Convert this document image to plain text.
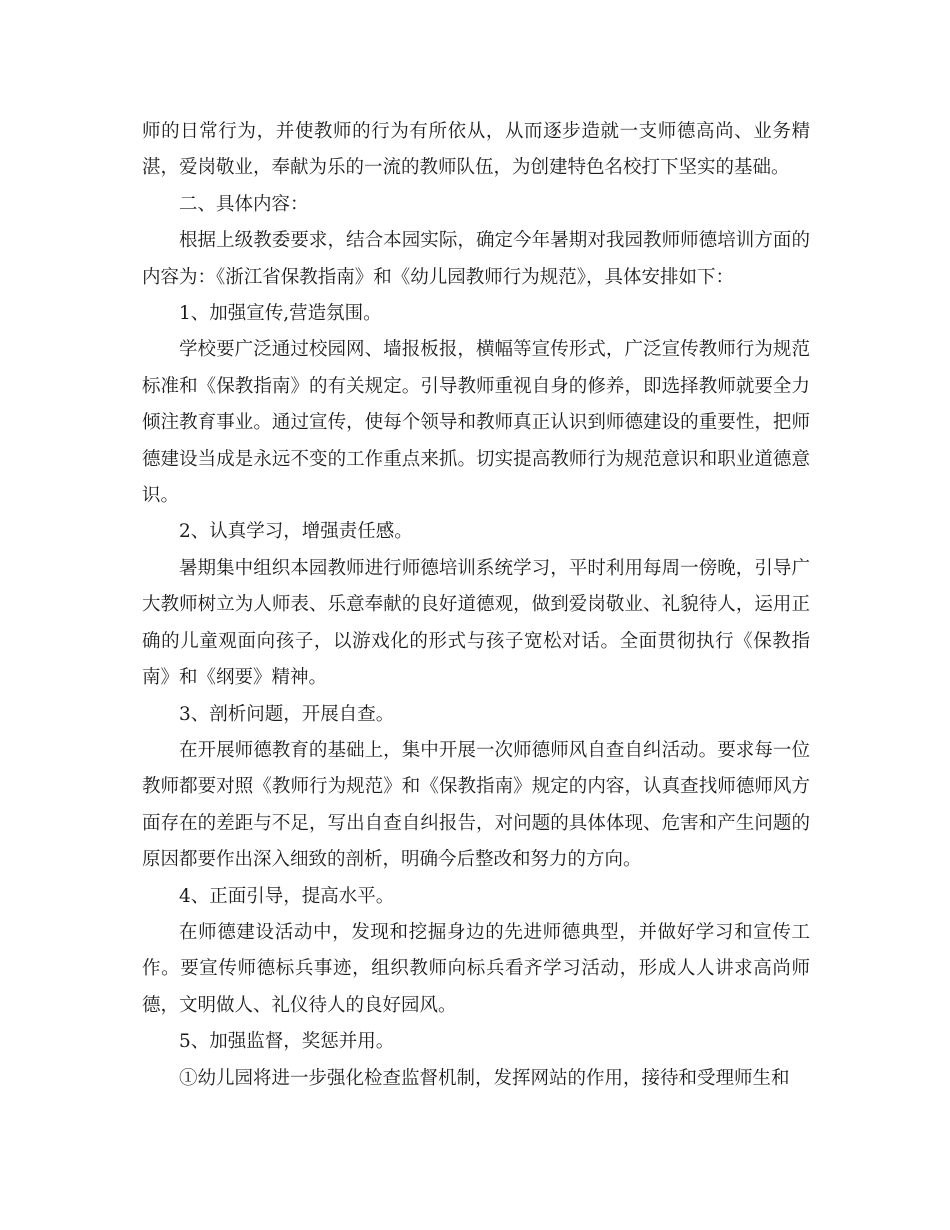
师的日常行为，并使教师的行为有所依从，从而逐步造就一支师德高尚、业务精湛，爱岗敬业，奉献为乐的一流的教师队伍，为创建特色名校打下坚实的基础。

二、具体内容：

根据上级教委要求，结合本园实际，确定今年暑期对我园教师师德培训方面的内容为：《浙江省保教指南》和《幼儿园教师行为规范》，具体安排如下：

1、加强宣传,营造氛围。

学校要广泛通过校园网、墙报板报，横幅等宣传形式，广泛宣传教师行为规范标准和《保教指南》的有关规定。引导教师重视自身的修养，即选择教师就要全力倾注教育事业。通过宣传，使每个领导和教师真正认识到师德建设的重要性，把师德建设当成是永远不变的工作重点来抓。切实提高教师行为规范意识和职业道德意识。

2、认真学习，增强责任感。

暑期集中组织本园教师进行师德培训系统学习，平时利用每周一傍晚，引导广大教师树立为人师表、乐意奉献的良好道德观，做到爱岗敬业、礼貌待人，运用正确的儿童观面向孩子，以游戏化的形式与孩子宽松对话。全面贯彻执行《保教指南》和《纲要》精神。

3、剖析问题，开展自查。

在开展师德教育的基础上，集中开展一次师德师风自查自纠活动。要求每一位教师都要对照《教师行为规范》和《保教指南》规定的内容，认真查找师德师风方面存在的差距与不足，写出自查自纠报告，对问题的具体体现、危害和产生问题的原因都要作出深入细致的剖析，明确今后整改和努力的方向。

4、正面引导，提高水平。

在师德建设活动中，发现和挖掘身边的先进师德典型，并做好学习和宣传工作。要宣传师德标兵事迹，组织教师向标兵看齐学习活动，形成人人讲求高尚师德，文明做人、礼仪待人的良好园风。

5、加强监督，奖惩并用。

①幼儿园将进一步强化检查监督机制，发挥网站的作用，接待和受理师生和
